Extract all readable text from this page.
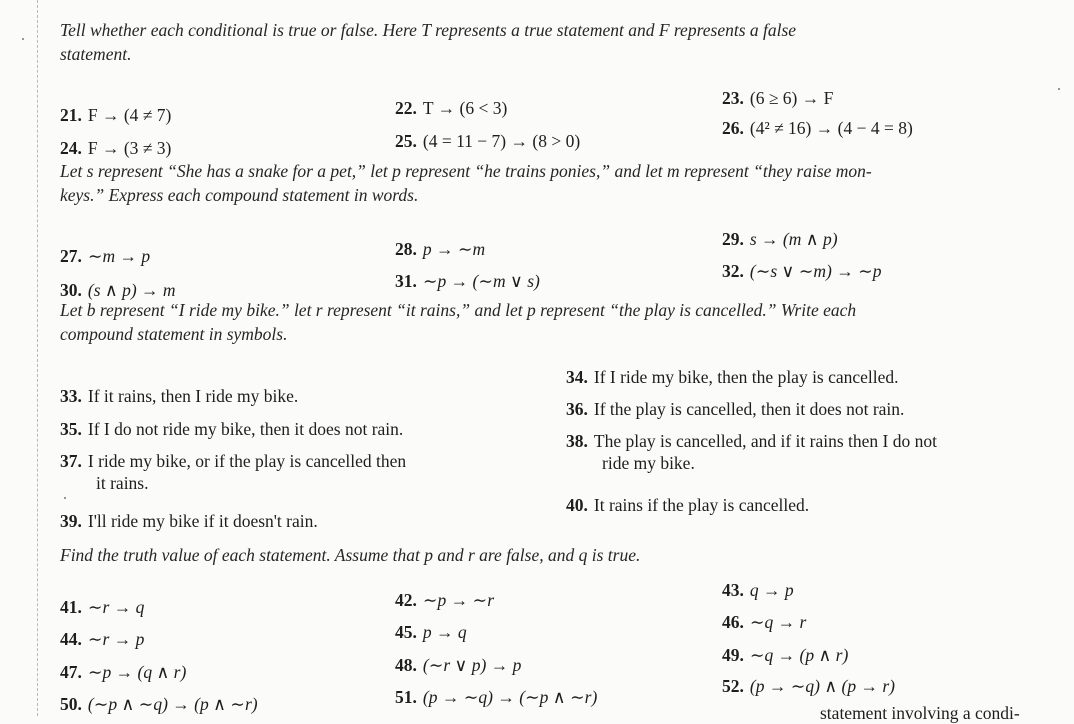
Tell whether each conditional is true or false. Here T represents a true statement and F represents a false
statement.

21. F → (4 ≠ 7)	22. T → (6 < 3)	23. (6 ≥ 6) → F
24. F → (3 ≠ 3)	25. (4 = 11 − 7) → (8 > 0)
26. (4² ≠ 16) → (4 − 4 = 8)

Let s represent “She has a snake for a pet,” let p represent “he trains ponies,” and let m represent “they raise mon-
keys.” Express each compound statement in words.

27. ∼m → p	28. p → ∼m	29. s → (m ∧ p)
30. (s ∧ p) → m	31. ∼p → (∼m ∨ s)	32. (∼s ∨ ∼m) → ∼p

Let b represent “I ride my bike.” let r represent “it rains,” and let p represent “the play is cancelled.” Write each
compound statement in symbols.

33. If it rains, then I ride my bike.
34. If I ride my bike, then the play is cancelled.
35. If I do not ride my bike, then it does not rain.
36. If the play is cancelled, then it does not rain.
37. I ride my bike, or if the play is cancelled then
it rains.
38. The play is cancelled, and if it rains then I do not
ride my bike.
39. I'll ride my bike if it doesn't rain.
40. It rains if the play is cancelled.

Find the truth value of each statement. Assume that p and r are false, and q is true.

41. ∼r → q	42. ∼p → ∼r	43. q → p
44. ∼r → p	45. p → q	46. ∼q → r
47. ∼p → (q ∧ r)	48. (∼r ∨ p) → p	49. ∼q → (p ∧ r)
50. (∼p ∧ ∼q) → (p ∧ ∼r)	51. (p → ∼q) → (∼p ∧ ∼r)
52. (p → ∼q) ∧ (p → r)
statement involving a condi-
